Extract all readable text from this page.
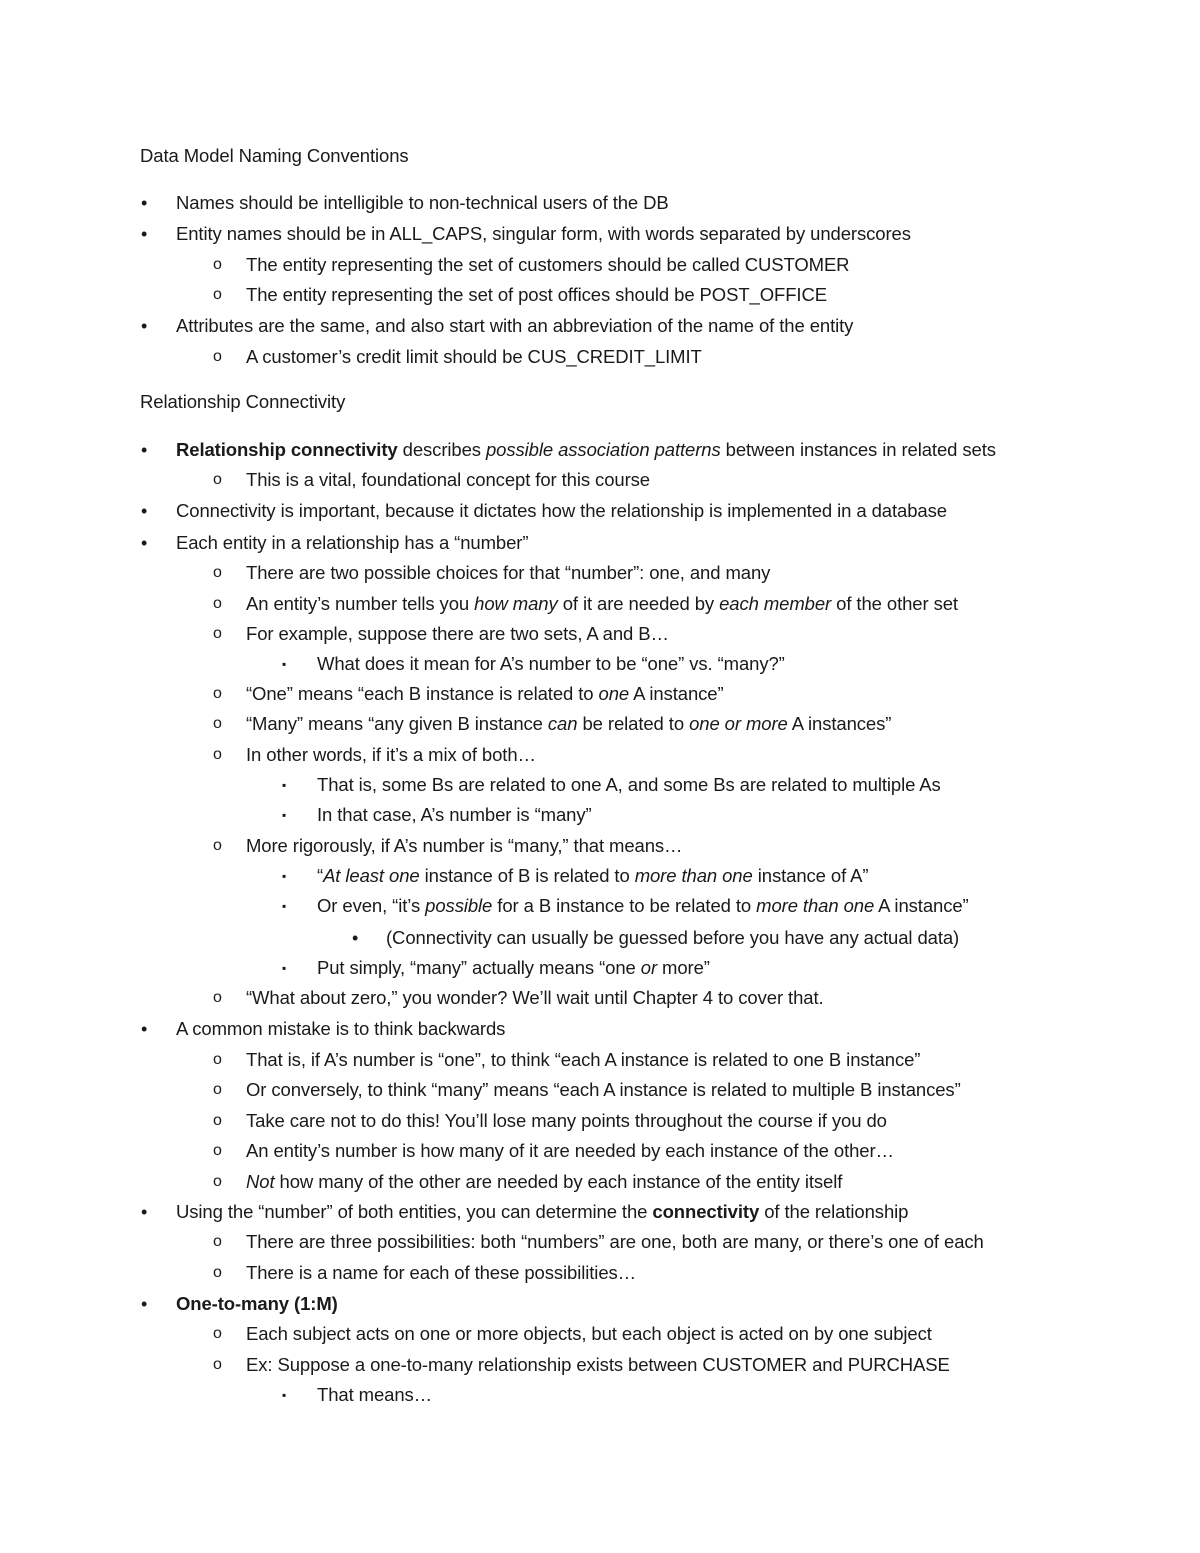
Data Model Naming Conventions
• Names should be intelligible to non-technical users of the DB
• Entity names should be in ALL_CAPS, singular form, with words separated by underscores
o The entity representing the set of customers should be called CUSTOMER
o The entity representing the set of post offices should be POST_OFFICE
• Attributes are the same, and also start with an abbreviation of the name of the entity
o A customer’s credit limit should be CUS_CREDIT_LIMIT
Relationship Connectivity
• Relationship connectivity describes possible association patterns between instances in related sets
o This is a vital, foundational concept for this course
• Connectivity is important, because it dictates how the relationship is implemented in a database
• Each entity in a relationship has a “number”
o There are two possible choices for that “number”: one, and many
o An entity’s number tells you how many of it are needed by each member of the other set
o For example, suppose there are two sets, A and B…
▪ What does it mean for A’s number to be “one” vs. “many?”
o “One” means “each B instance is related to one A instance”
o “Many” means “any given B instance can be related to one or more A instances”
o In other words, if it’s a mix of both…
▪ That is, some Bs are related to one A, and some Bs are related to multiple As
▪ In that case, A’s number is “many”
o More rigorously, if A’s number is “many,” that means…
▪ “At least one instance of B is related to more than one instance of A”
▪ Or even, “it’s possible for a B instance to be related to more than one A instance”
• (Connectivity can usually be guessed before you have any actual data)
▪ Put simply, “many” actually means “one or more”
o “What about zero,” you wonder? We’ll wait until Chapter 4 to cover that.
• A common mistake is to think backwards
o That is, if A’s number is “one”, to think “each A instance is related to one B instance”
o Or conversely, to think “many” means “each A instance is related to multiple B instances”
o Take care not to do this! You’ll lose many points throughout the course if you do
o An entity’s number is how many of it are needed by each instance of the other…
o Not how many of the other are needed by each instance of the entity itself
• Using the “number” of both entities, you can determine the connectivity of the relationship
o There are three possibilities: both “numbers” are one, both are many, or there’s one of each
o There is a name for each of these possibilities…
• One-to-many (1:M)
o Each subject acts on one or more objects, but each object is acted on by one subject
o Ex: Suppose a one-to-many relationship exists between CUSTOMER and PURCHASE
▪ That means…
